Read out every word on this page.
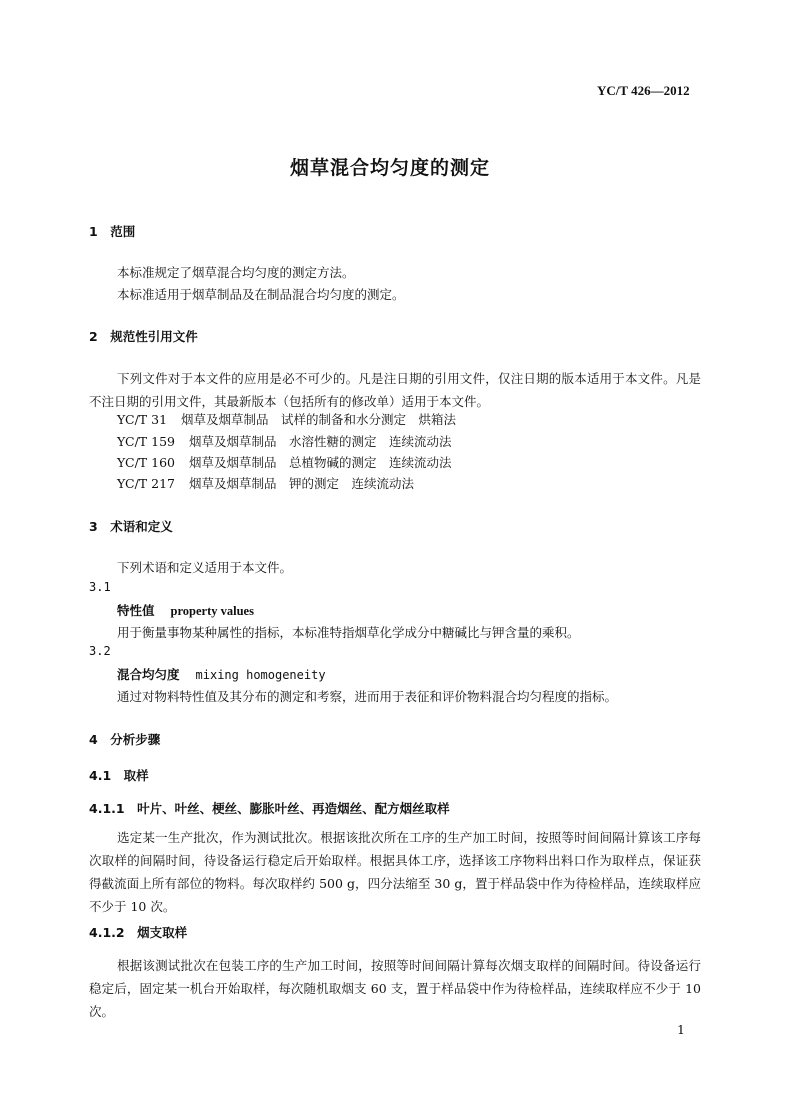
YC/T 426—2012
烟草混合均匀度的测定
1　范围
本标准规定了烟草混合均匀度的测定方法。
本标准适用于烟草制品及在制品混合均匀度的测定。
2　规范性引用文件
下列文件对于本文件的应用是必不可少的。凡是注日期的引用文件，仅注日期的版本适用于本文件。凡是不注日期的引用文件，其最新版本（包括所有的修改单）适用于本文件。
YC/T 31 烟草及烟草制品　试样的制备和水分测定　烘箱法
YC/T 159 烟草及烟草制品　水溶性糖的测定　连续流动法
YC/T 160 烟草及烟草制品　总植物碱的测定　连续流动法
YC/T 217 烟草及烟草制品　钾的测定　连续流动法
3　术语和定义
下列术语和定义适用于本文件。
3.1
特性值 property values
用于衡量事物某种属性的指标，本标准特指烟草化学成分中糖碱比与钾含量的乘积。
3.2
混合均匀度 mixing homogeneity
通过对物料特性值及其分布的测定和考察，进而用于表征和评价物料混合均匀程度的指标。
4　分析步骤
4.1　取样
4.1.1　叶片、叶丝、梗丝、膨胀叶丝、再造烟丝、配方烟丝取样
选定某一生产批次，作为测试批次。根据该批次所在工序的生产加工时间，按照等时间间隔计算该工序每次取样的间隔时间，待设备运行稳定后开始取样。根据具体工序，选择该工序物料出料口作为取样点，保证获得截流面上所有部位的物料。每次取样约 500 g，四分法缩至 30 g，置于样品袋中作为待检样品，连续取样应不少于 10 次。
4.1.2　烟支取样
根据该测试批次在包装工序的生产加工时间，按照等时间间隔计算每次烟支取样的间隔时间。待设备运行稳定后，固定某一机台开始取样，每次随机取烟支 60 支，置于样品袋中作为待检样品，连续取样应不少于 10 次。
1
